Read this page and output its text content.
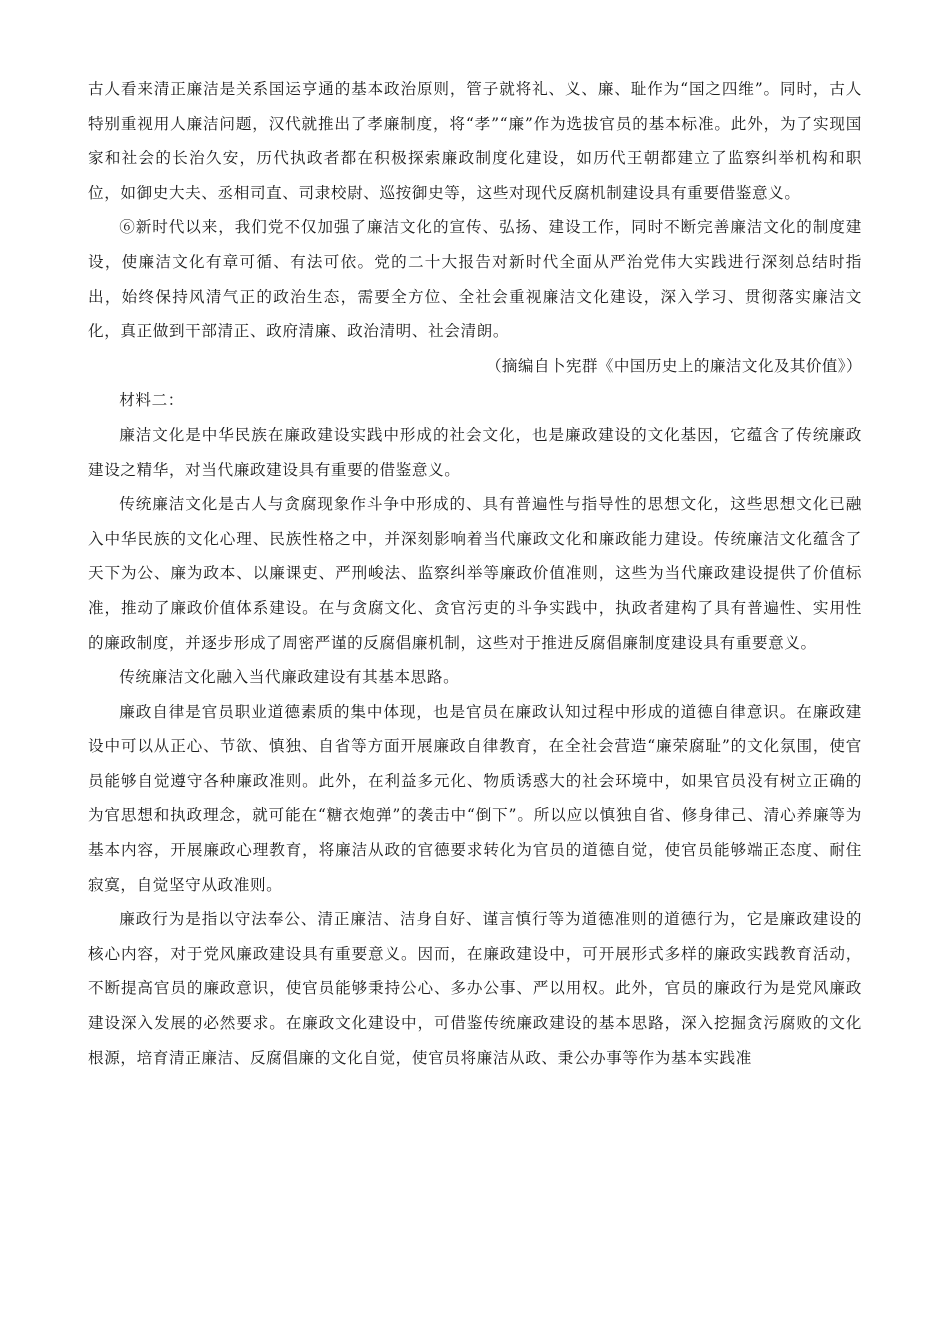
古人看来清正廉洁是关系国运亨通的基本政治原则，管子就将礼、义、廉、耻作为“国之四维”。同时，古人特别重视用人廉洁问题，汉代就推出了孝廉制度，将“孝”“廉”作为选拔官员的基本标准。此外，为了实现国家和社会的长治久安，历代执政者都在积极探索廉政制度化建设，如历代王朝都建立了监察纠举机构和职位，如御史大夫、丞相司直、司隶校尉、巡按御史等，这些对现代反腐机制建设具有重要借鉴意义。

⑥新时代以来，我们党不仅加强了廉洁文化的宣传、弘扬、建设工作，同时不断完善廉洁文化的制度建设，使廉洁文化有章可循、有法可依。党的二十大报告对新时代全面从严治党伟大实践进行深刻总结时指出，始终保持风清气正的政治生态，需要全方位、全社会重视廉洁文化建设，深入学习、贯彻落实廉洁文化，真正做到干部清正、政府清廉、政治清明、社会清朗。

（摘编自卜宪群《中国历史上的廉洁文化及其价值》）

材料二：

廉洁文化是中华民族在廉政建设实践中形成的社会文化，也是廉政建设的文化基因，它蕴含了传统廉政建设之精华，对当代廉政建设具有重要的借鉴意义。

传统廉洁文化是古人与贪腐现象作斗争中形成的、具有普遍性与指导性的思想文化，这些思想文化已融入中华民族的文化心理、民族性格之中，并深刻影响着当代廉政文化和廉政能力建设。传统廉洁文化蕴含了天下为公、廉为政本、以廉课吏、严刑峻法、监察纠举等廉政价值准则，这些为当代廉政建设提供了价值标准，推动了廉政价值体系建设。在与贪腐文化、贪官污吏的斗争实践中，执政者建构了具有普遍性、实用性的廉政制度，并逐步形成了周密严谨的反腐倡廉机制，这些对于推进反腐倡廉制度建设具有重要意义。

传统廉洁文化融入当代廉政建设有其基本思路。

廉政自律是官员职业道德素质的集中体现，也是官员在廉政认知过程中形成的道德自律意识。在廉政建设中可以从正心、节欲、慎独、自省等方面开展廉政自律教育，在全社会营造“廉荣腐耻”的文化氛围，使官员能够自觉遵守各种廉政准则。此外，在利益多元化、物质诱惑大的社会环境中，如果官员没有树立正确的为官思想和执政理念，就可能在“糖衣炮弹”的袭击中“倒下”。所以应以慎独自省、修身律己、清心养廉等为基本内容，开展廉政心理教育，将廉洁从政的官德要求转化为官员的道德自觉，使官员能够端正态度、耐住寂寞，自觉坚守从政准则。

廉政行为是指以守法奉公、清正廉洁、洁身自好、谨言慎行等为道德准则的道德行为，它是廉政建设的核心内容，对于党风廉政建设具有重要意义。因而，在廉政建设中，可开展形式多样的廉政实践教育活动，不断提高官员的廉政意识，使官员能够秉持公心、多办公事、严以用权。此外，官员的廉政行为是党风廉政建设深入发展的必然要求。在廉政文化建设中，可借鉴传统廉政建设的基本思路，深入挖掘贪污腐败的文化根源，培育清正廉洁、反腐倡廉的文化自觉，使官员将廉洁从政、秉公办事等作为基本实践准
